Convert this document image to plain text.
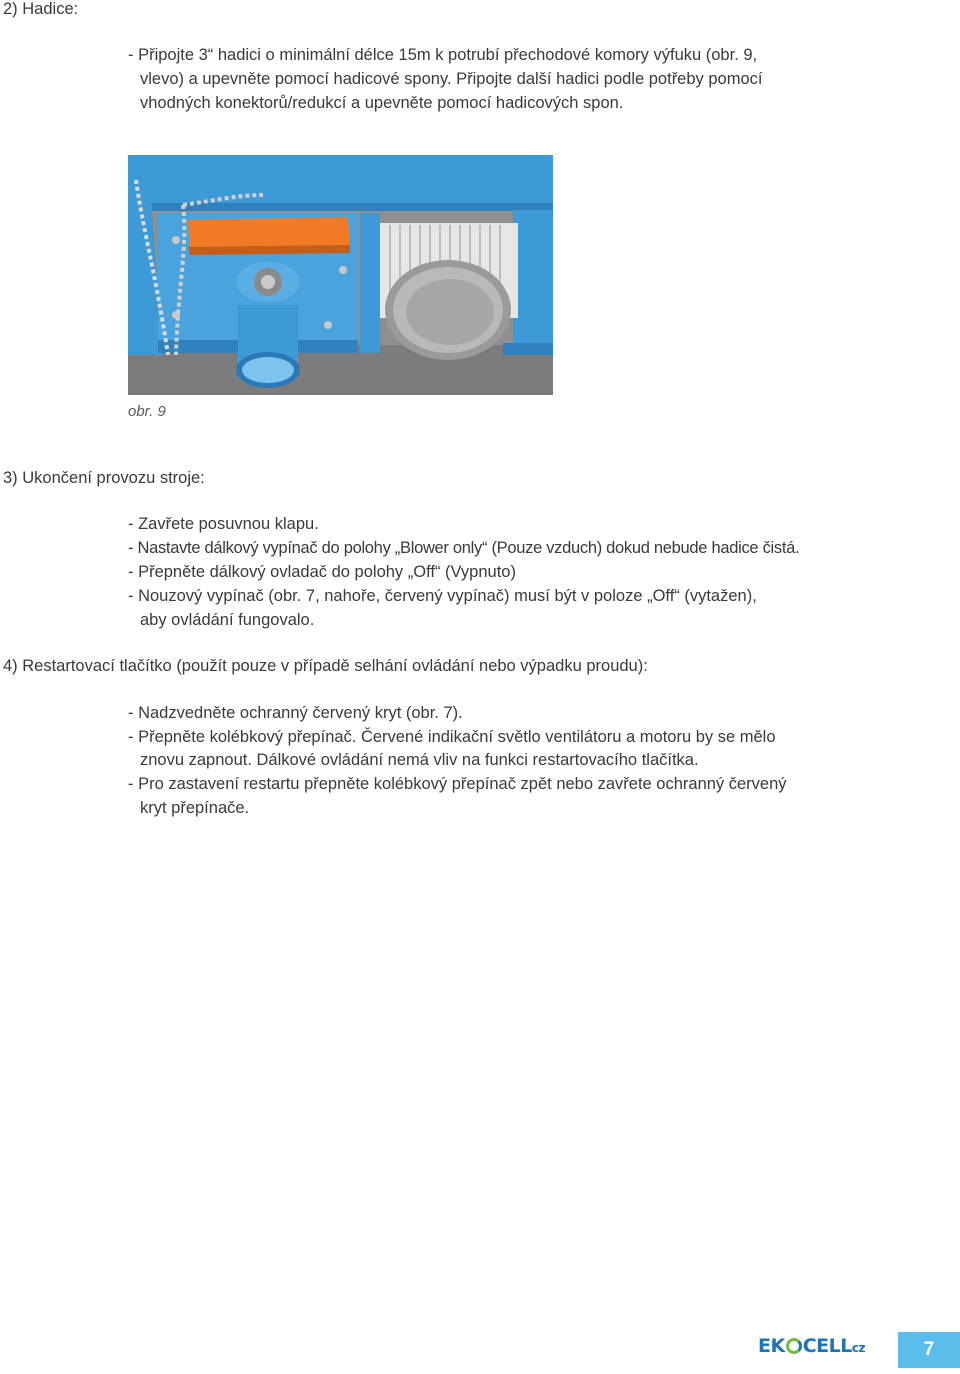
2) Hadice:
- Připojte 3“ hadici o minimální délce 15m k potrubí přechodové komory výfuku (obr. 9,
vlevo) a upevněte pomocí hadicové spony. Připojte další hadici podle potřeby pomocí
vhodných konektorů/redukcí a upevněte pomocí hadicových spon.
obr. 9
3) Ukončení provozu stroje:
- Zavřete posuvnou klapu.
- Nastavte dálkový vypínač do polohy „Blower only“ (Pouze vzduch) dokud nebude hadice čistá.
- Přepněte dálkový ovladač do polohy „Off“ (Vypnuto)
- Nouzový vypínač (obr. 7, nahoře, červený vypínač) musí být v poloze „Off“ (vytažen),
aby ovládání fungovalo.
4) Restartovací tlačítko (použít pouze v případě selhání ovládání nebo výpadku proudu):
- Nadzvedněte ochranný červený kryt (obr. 7).
- Přepněte kolébkový přepínač. Červené indikační světlo ventilátoru a motoru by se mělo
znovu zapnout. Dálkové ovládání nemá vliv na funkci restartovacího tlačítka.
- Pro zastavení restartu přepněte kolébkový přepínač zpět nebo zavřete ochranný červený
kryt přepínače.
EK CELLcz	7
